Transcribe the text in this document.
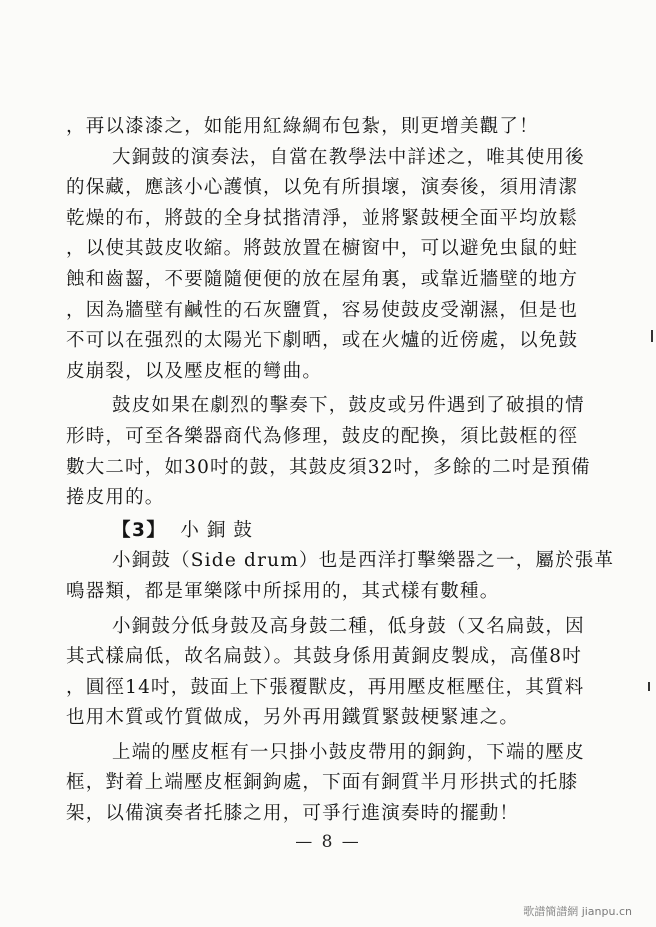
，再以漆漆之，如能用紅綠綢布包紮，則更增美觀了！
大銅鼓的演奏法，自當在教學法中詳述之，唯其使用後
的保藏，應該小心護慎，以免有所損壞，演奏後，須用清潔
乾燥的布，將鼓的全身拭揩清淨，並將緊鼓梗全面平均放鬆
，以使其鼓皮收縮。將鼓放置在櫥窗中，可以避免虫鼠的蛀
蝕和齒齧，不要隨隨便便的放在屋角裏，或靠近牆壁的地方
，因為牆壁有鹹性的石灰鹽質，容易使鼓皮受潮濕，但是也
不可以在强烈的太陽光下劇晒，或在火爐的近傍處，以免鼓
皮崩裂，以及壓皮框的彎曲。
鼓皮如果在劇烈的擊奏下，鼓皮或另件遇到了破損的情
形時，可至各樂器商代為修理，鼓皮的配換，須比鼓框的徑
數大二吋，如30吋的鼓，其鼓皮須32吋，多餘的二吋是預備
捲皮用的。
【3】 小銅鼓
小銅鼓（Side drum）也是西洋打擊樂器之一，屬於張革
鳴器類，都是軍樂隊中所採用的，其式樣有數種。
小銅鼓分低身鼓及高身鼓二種，低身鼓（又名扁鼓，因
其式樣扁低，故名扁鼓）。其鼓身係用黃銅皮製成，高僅8吋
，圓徑14吋，鼓面上下張覆獸皮，再用壓皮框壓住，其質料
也用木質或竹質做成，另外再用鐵質緊鼓梗緊連之。
上端的壓皮框有一只掛小鼓皮帶用的銅鉤，下端的壓皮
框，對着上端壓皮框銅鉤處，下面有銅質半月形拱式的托膝
架，以備演奏者托膝之用，可爭行進演奏時的擺動！
— 8 —
歌譜簡譜網 jianpu.cn
